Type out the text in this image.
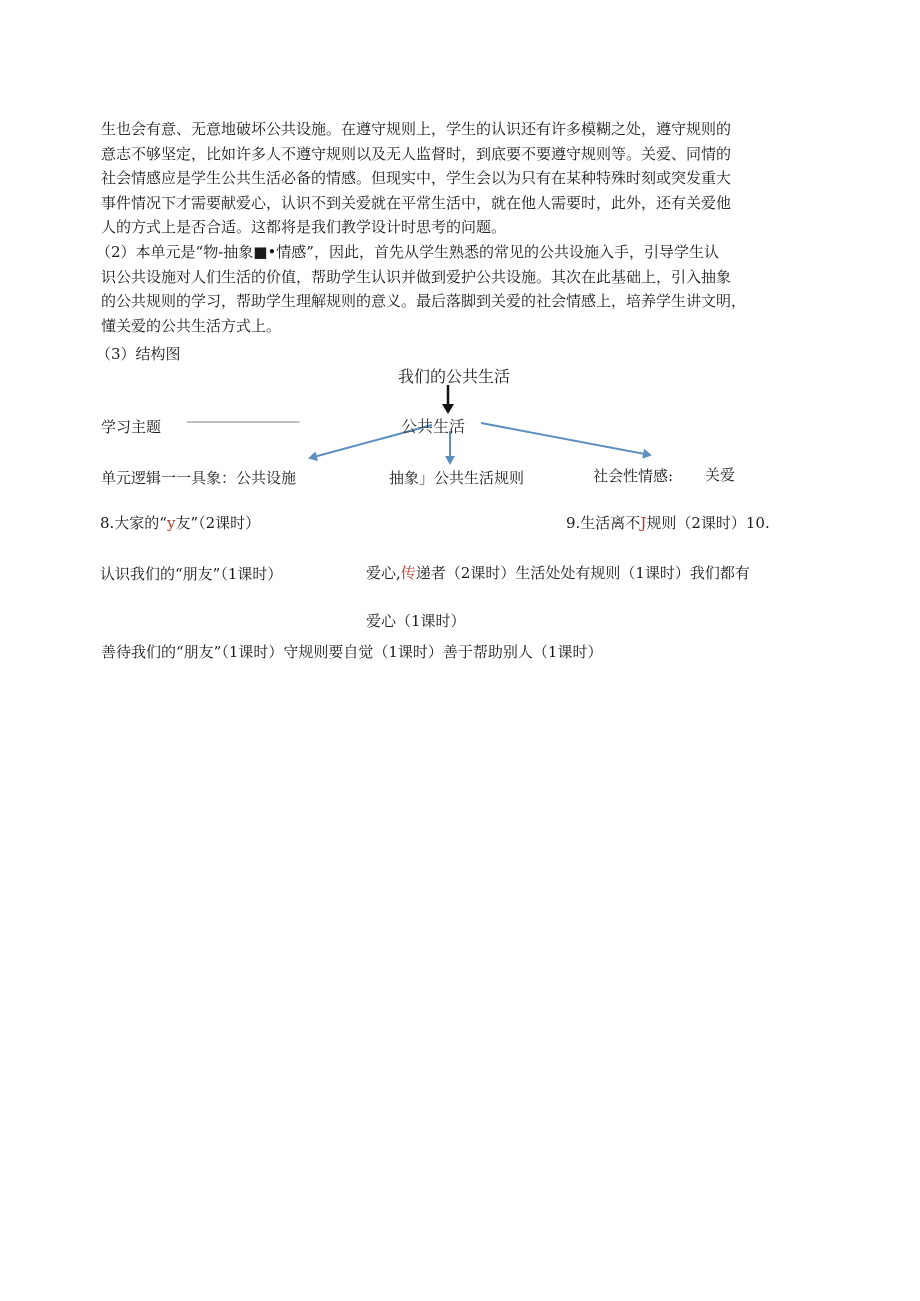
生也会有意、无意地破坏公共设施。在遵守规则上，学生的认识还有许多模糊之处，遵守规则的
意志不够坚定，比如许多人不遵守规则以及无人监督时，到底要不要遵守规则等。关爱、同情的
社会情感应是学生公共生活必备的情感。但现实中，学生会以为只有在某种特殊时刻或突发重大
事件情况下才需要献爱心，认识不到关爱就在平常生活中，就在他人需要时，此外，还有关爱他
人的方式上是否合适。这都将是我们教学设计时思考的问题。
（2）本单元是“物-抽象■•情感”，因此，首先从学生熟悉的常见的公共设施入手，引导学生认
识公共设施对人们生活的价值，帮助学生认识并做到爱护公共设施。其次在此基础上，引入抽象
的公共规则的学习，帮助学生理解规则的意义。最后落脚到关爱的社会情感上，培养学生讲文明，
懂关爱的公共生活方式上。
（3）结构图
我们的公共生活
学习主题 ———————————	公共生活
单元逻辑一一具象：公共设施	抽象」公共生活规则	社会性情感: 关爱
8.大家的“y友”（2课时）	9.生活离不J规则（2课时）10.
认识我们的“朋友”（1课时）	爱心,传递者（2课时）生活处处有规则（1课时）我们都有
爱心（1课时）
善待我们的“朋友”（1课时）守规则要自觉（1课时）善于帮助别人（1课时）
